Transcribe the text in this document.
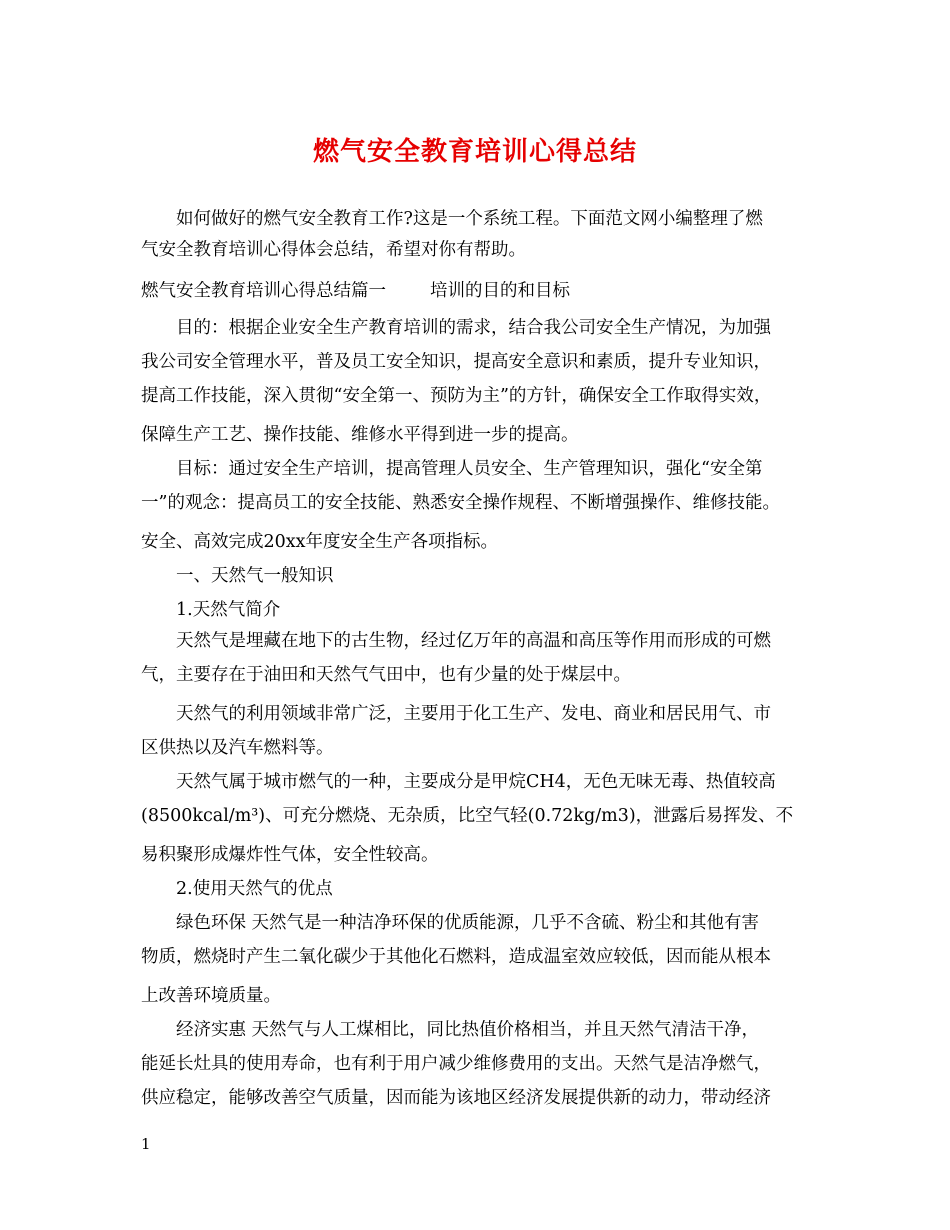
燃气安全教育培训心得总结
如何做好的燃气安全教育工作?这是一个系统工程。下面范文网小编整理了燃
气安全教育培训心得体会总结，希望对你有帮助。
燃气安全教育培训心得总结篇一	培训的目的和目标
目的：根据企业安全生产教育培训的需求，结合我公司安全生产情况，为加强
我公司安全管理水平，普及员工安全知识，提高安全意识和素质，提升专业知识，
提高工作技能，深入贯彻“安全第一、预防为主”的方针，确保安全工作取得实效，
保障生产工艺、操作技能、维修水平得到进一步的提高。
目标：通过安全生产培训，提高管理人员安全、生产管理知识，强化“安全第
一”的观念：提高员工的安全技能、熟悉安全操作规程、不断增强操作、维修技能。
安全、高效完成20xx年度安全生产各项指标。
一、天然气一般知识
1.天然气简介
天然气是埋藏在地下的古生物，经过亿万年的高温和高压等作用而形成的可燃
气，主要存在于油田和天然气气田中，也有少量的处于煤层中。
天然气的利用领域非常广泛，主要用于化工生产、发电、商业和居民用气、市
区供热以及汽车燃料等。
天然气属于城市燃气的一种，主要成分是甲烷CH4，无色无味无毒、热值较高
(8500kcal/m³)、可充分燃烧、无杂质，比空气轻(0.72kg/m3)，泄露后易挥发、不
易积聚形成爆炸性气体，安全性较高。
2.使用天然气的优点
绿色环保 天然气是一种洁净环保的优质能源，几乎不含硫、粉尘和其他有害
物质，燃烧时产生二氧化碳少于其他化石燃料，造成温室效应较低，因而能从根本
上改善环境质量。
经济实惠 天然气与人工煤相比，同比热值价格相当，并且天然气清洁干净，
能延长灶具的使用寿命，也有利于用户减少维修费用的支出。天然气是洁净燃气，
供应稳定，能够改善空气质量，因而能为该地区经济发展提供新的动力，带动经济
1
